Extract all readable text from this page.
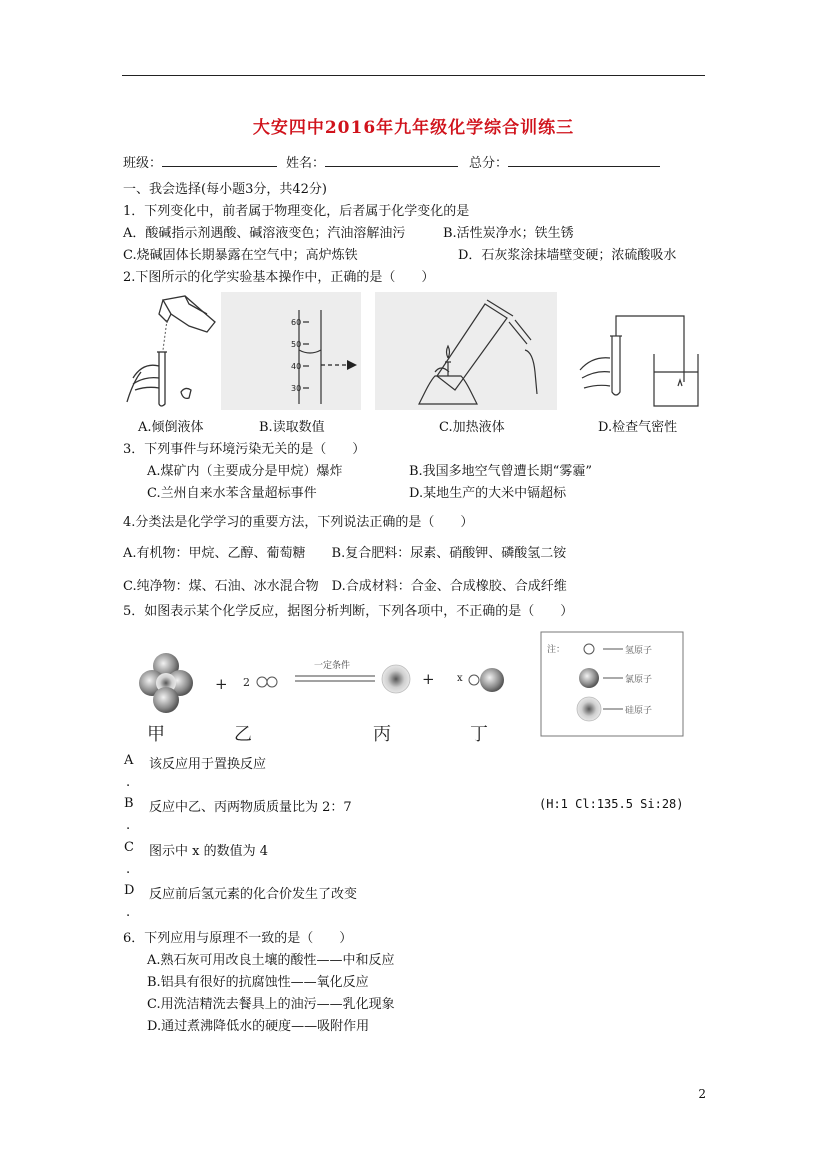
大安四中2016年九年级化学综合训练三
班级：	姓名：	总分：
一、我会选择(每小题3分，共42分)
1．下列变化中，前者属于物理变化，后者属于化学变化的是
A．酸碱指示剂遇酸、碱溶液变色；汽油溶解油污	B.活性炭净水；铁生锈
C.烧碱固体长期暴露在空气中；高炉炼铁	D．石灰浆涂抹墙壁变硬；浓硫酸吸水
2.下图所示的化学实验基本操作中，正确的是（　　）
60
50
40
30
A.倾倒液体	B.读取数值	C.加热液体	D.检查气密性
3．下列事件与环境污染无关的是（　　）
A.煤矿内（主要成分是甲烷）爆炸	B.我国多地空气曾遭长期“雾霾”
C.兰州自来水苯含量超标事件	D.某地生产的大米中镉超标
4.分类法是化学学习的重要方法，下列说法正确的是（　　）
A.有机物：甲烷、乙醇、葡萄糖　　B.复合肥料：尿素、硝酸钾、磷酸氢二铵
C.纯净物：煤、石油、冰水混合物　D.合成材料：合金、合成橡胶、合成纤维
5．如图表示某个化学反应，据图分析判断，下列各项中，不正确的是（　　）
+ 2
一定条件
+ x
甲	乙	丙	丁
注：	氢原子
氯原子
硅原子
A 该反应用于置换反应
.
B 反应中乙、丙两物质质量比为 2：7	(H:1 Cl:135.5 Si:28)
.
C 图示中 x 的数值为 4
.
D 反应前后氢元素的化合价发生了改变
.
6．下列应用与原理不一致的是（　　）
A.熟石灰可用改良土壤的酸性——中和反应
B.铝具有很好的抗腐蚀性——氧化反应
C.用洗洁精洗去餐具上的油污——乳化现象
D.通过煮沸降低水的硬度——吸附作用
2
